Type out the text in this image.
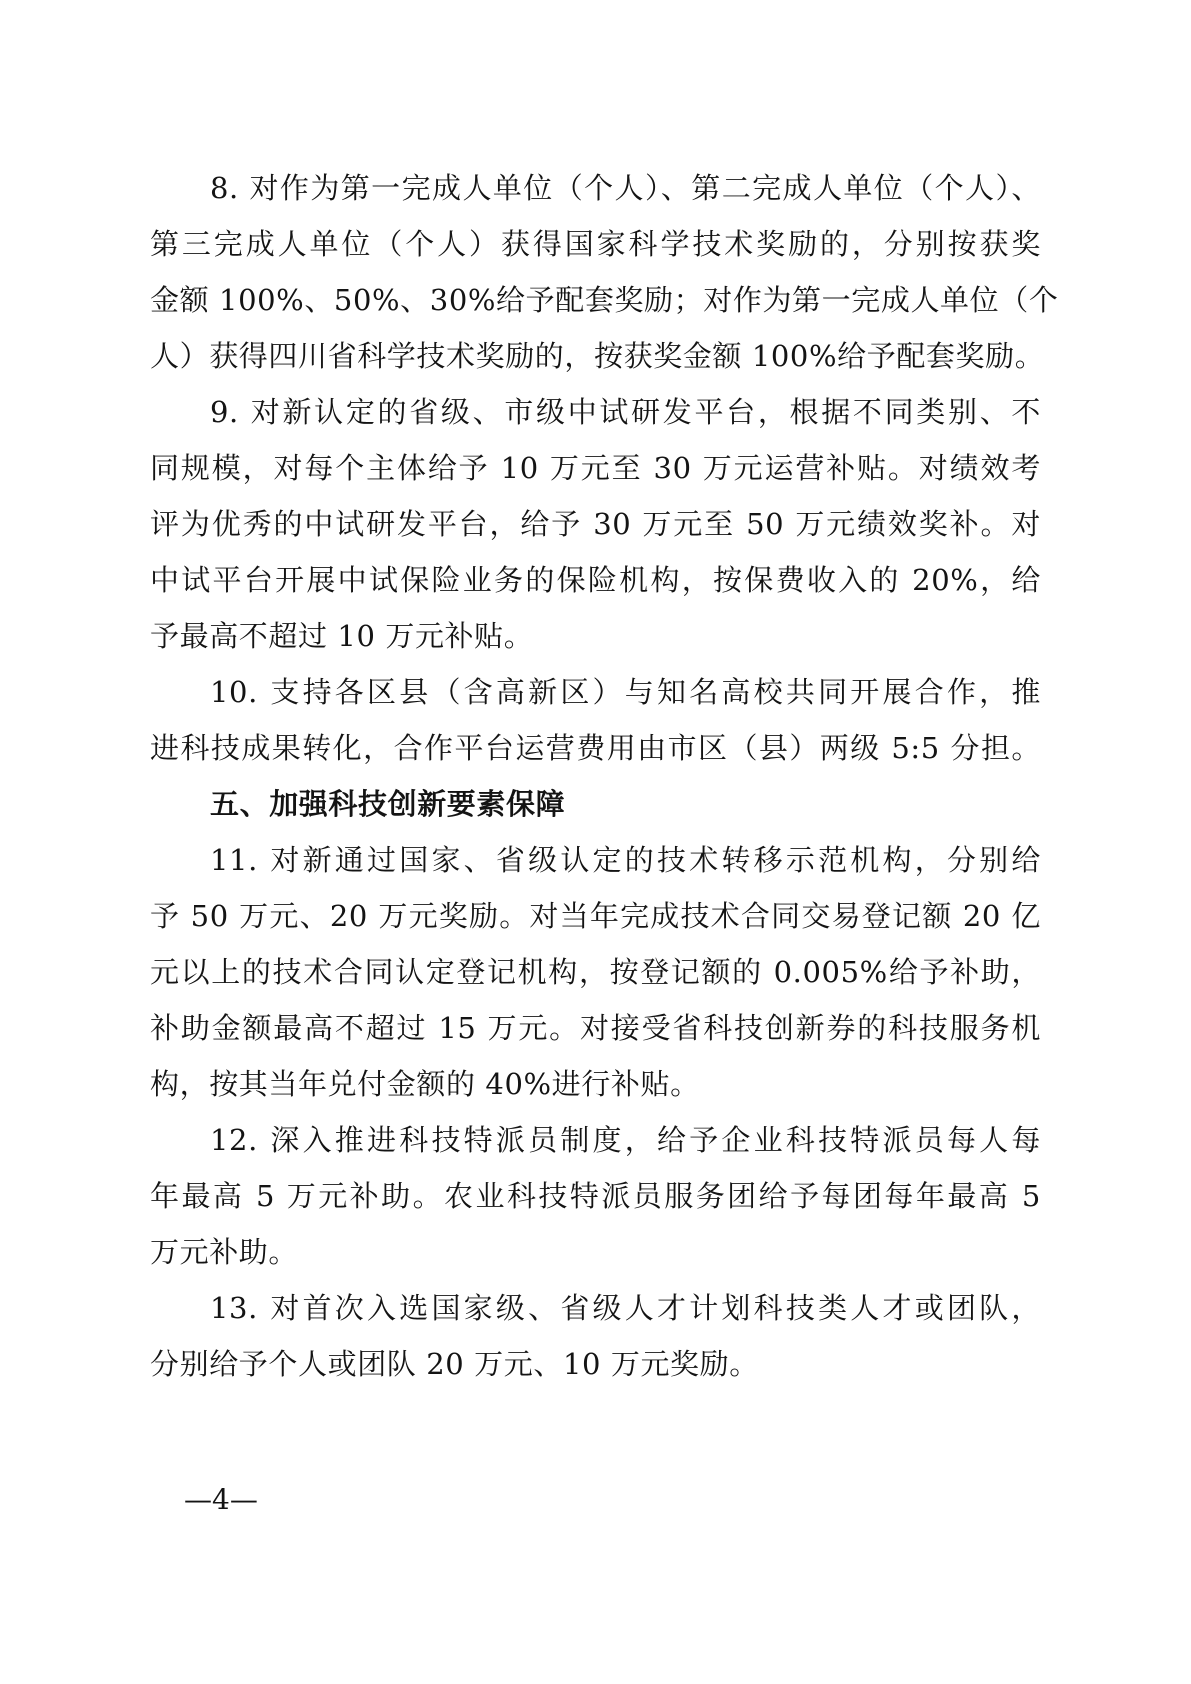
8. 对作为第一完成人单位（个人）、第二完成人单位（个人）、
第三完成人单位（个人）获得国家科学技术奖励的，分别按获奖
金额 100%、50%、30%给予配套奖励；对作为第一完成人单位（个
人）获得四川省科学技术奖励的，按获奖金额 100%给予配套奖励。
9. 对新认定的省级、市级中试研发平台，根据不同类别、不
同规模，对每个主体给予 10 万元至 30 万元运营补贴。对绩效考
评为优秀的中试研发平台，给予 30 万元至 50 万元绩效奖补。对
中试平台开展中试保险业务的保险机构，按保费收入的 20%，给
予最高不超过 10 万元补贴。
10. 支持各区县（含高新区）与知名高校共同开展合作，推
进科技成果转化，合作平台运营费用由市区（县）两级 5:5 分担。
五、加强科技创新要素保障
11. 对新通过国家、省级认定的技术转移示范机构，分别给
予 50 万元、20 万元奖励。对当年完成技术合同交易登记额 20 亿
元以上的技术合同认定登记机构，按登记额的 0.005%给予补助，
补助金额最高不超过 15 万元。对接受省科技创新券的科技服务机
构，按其当年兑付金额的 40%进行补贴。
12. 深入推进科技特派员制度，给予企业科技特派员每人每
年最高 5 万元补助。农业科技特派员服务团给予每团每年最高 5
万元补助。
13. 对首次入选国家级、省级人才计划科技类人才或团队，
分别给予个人或团队 20 万元、10 万元奖励。
—4—
